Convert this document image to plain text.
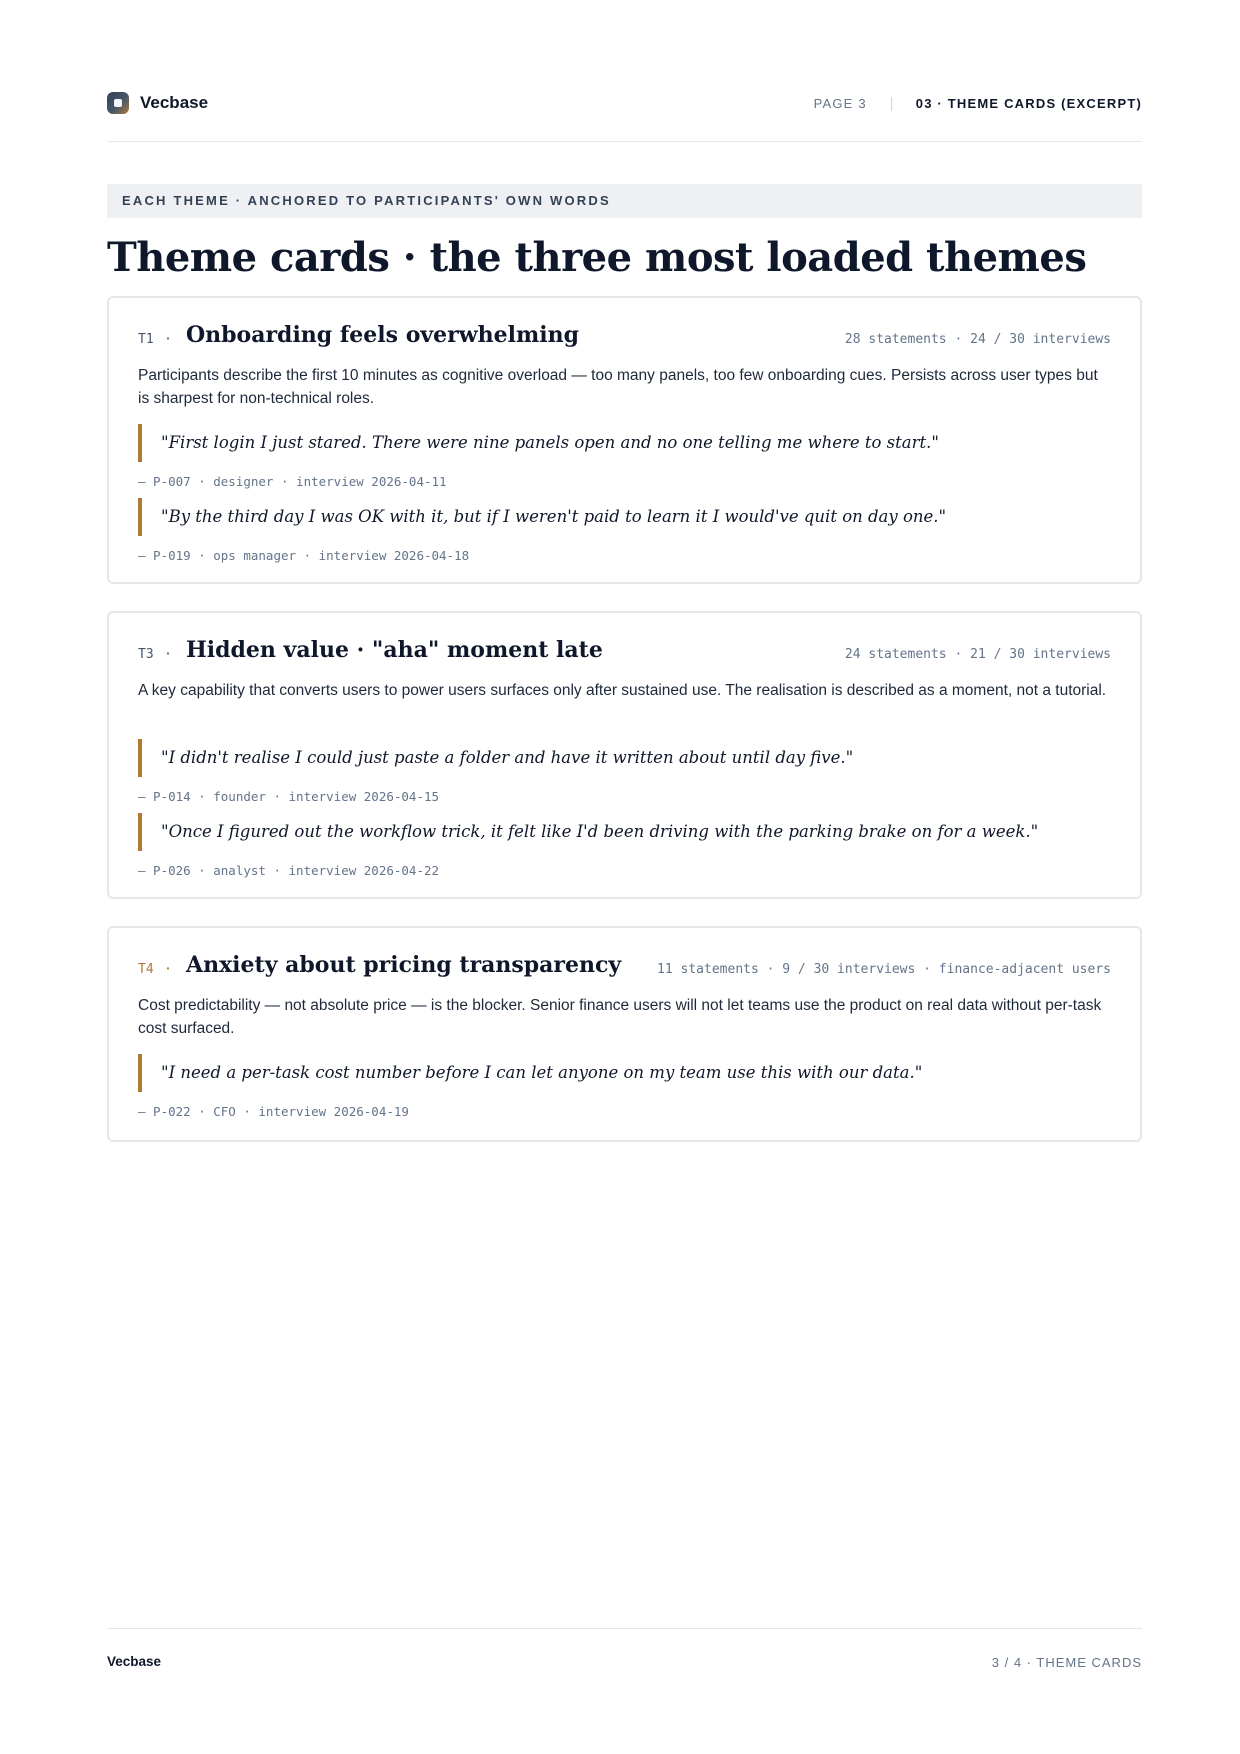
Vecbase	PAGE 3	03 · THEME CARDS (EXCERPT)
EACH THEME · ANCHORED TO PARTICIPANTS' OWN WORDS
Theme cards · the three most loaded themes
T1 · Onboarding feels overwhelming	28 statements · 24 / 30 interviews

Participants describe the first 10 minutes as cognitive overload — too many panels, too few onboarding cues. Persists across user types but is sharpest for non-technical roles.

"First login I just stared. There were nine panels open and no one telling me where to start."
— P-007 · designer · interview 2026-04-11
"By the third day I was OK with it, but if I weren't paid to learn it I would've quit on day one."
— P-019 · ops manager · interview 2026-04-18
T3 · Hidden value · "aha" moment late	24 statements · 21 / 30 interviews

A key capability that converts users to power users surfaces only after sustained use. The realisation is described as a moment, not a tutorial.

"I didn't realise I could just paste a folder and have it written about until day five."
— P-014 · founder · interview 2026-04-15
"Once I figured out the workflow trick, it felt like I'd been driving with the parking brake on for a week."
— P-026 · analyst · interview 2026-04-22
T4 · Anxiety about pricing transparency	11 statements · 9 / 30 interviews · finance-adjacent users

Cost predictability — not absolute price — is the blocker. Senior finance users will not let teams use the product on real data without per-task cost surfaced.

"I need a per-task cost number before I can let anyone on my team use this with our data."
— P-022 · CFO · interview 2026-04-19
Vecbase	3 / 4 · THEME CARDS
